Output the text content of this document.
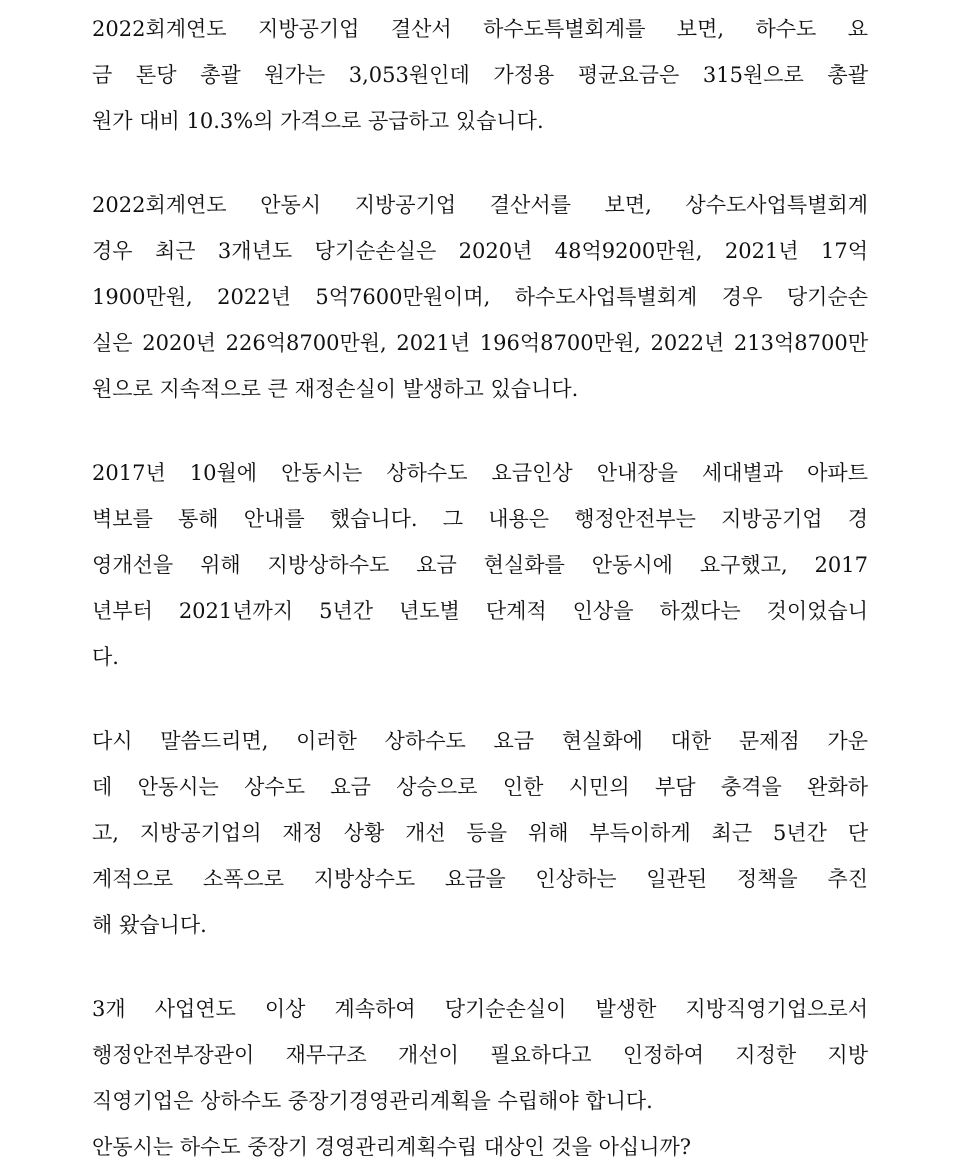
2022회계연도 지방공기업 결산서 하수도특별회계를 보면, 하수도 요
금 톤당 총괄 원가는 3,053원인데 가정용 평균요금은 315원으로 총괄
원가 대비 10.3%의 가격으로 공급하고 있습니다.
2022회계연도 안동시 지방공기업 결산서를 보면, 상수도사업특별회계
경우 최근 3개년도 당기순손실은 2020년 48억9200만원, 2021년 17억
1900만원, 2022년 5억7600만원이며, 하수도사업특별회계 경우 당기순손
실은 2020년 226억8700만원, 2021년 196억8700만원, 2022년 213억8700만
원으로 지속적으로 큰 재정손실이 발생하고 있습니다.
2017년 10월에 안동시는 상하수도 요금인상 안내장을 세대별과 아파트
벽보를 통해 안내를 했습니다. 그 내용은 행정안전부는 지방공기업 경
영개선을 위해 지방상하수도 요금 현실화를 안동시에 요구했고, 2017
년부터 2021년까지 5년간 년도별 단계적 인상을 하겠다는 것이었습니
다.
다시 말씀드리면, 이러한 상하수도 요금 현실화에 대한 문제점 가운
데 안동시는 상수도 요금 상승으로 인한 시민의 부담 충격을 완화하
고, 지방공기업의 재정 상황 개선 등을 위해 부득이하게 최근 5년간 단
계적으로 소폭으로 지방상수도 요금을 인상하는 일관된 정책을 추진
해 왔습니다.
3개 사업연도 이상 계속하여 당기순손실이 발생한 지방직영기업으로서
행정안전부장관이 재무구조 개선이 필요하다고 인정하여 지정한 지방
직영기업은 상하수도 중장기경영관리계획을 수립해야 합니다.
안동시는 하수도 중장기 경영관리계획수립 대상인 것을 아십니까?
